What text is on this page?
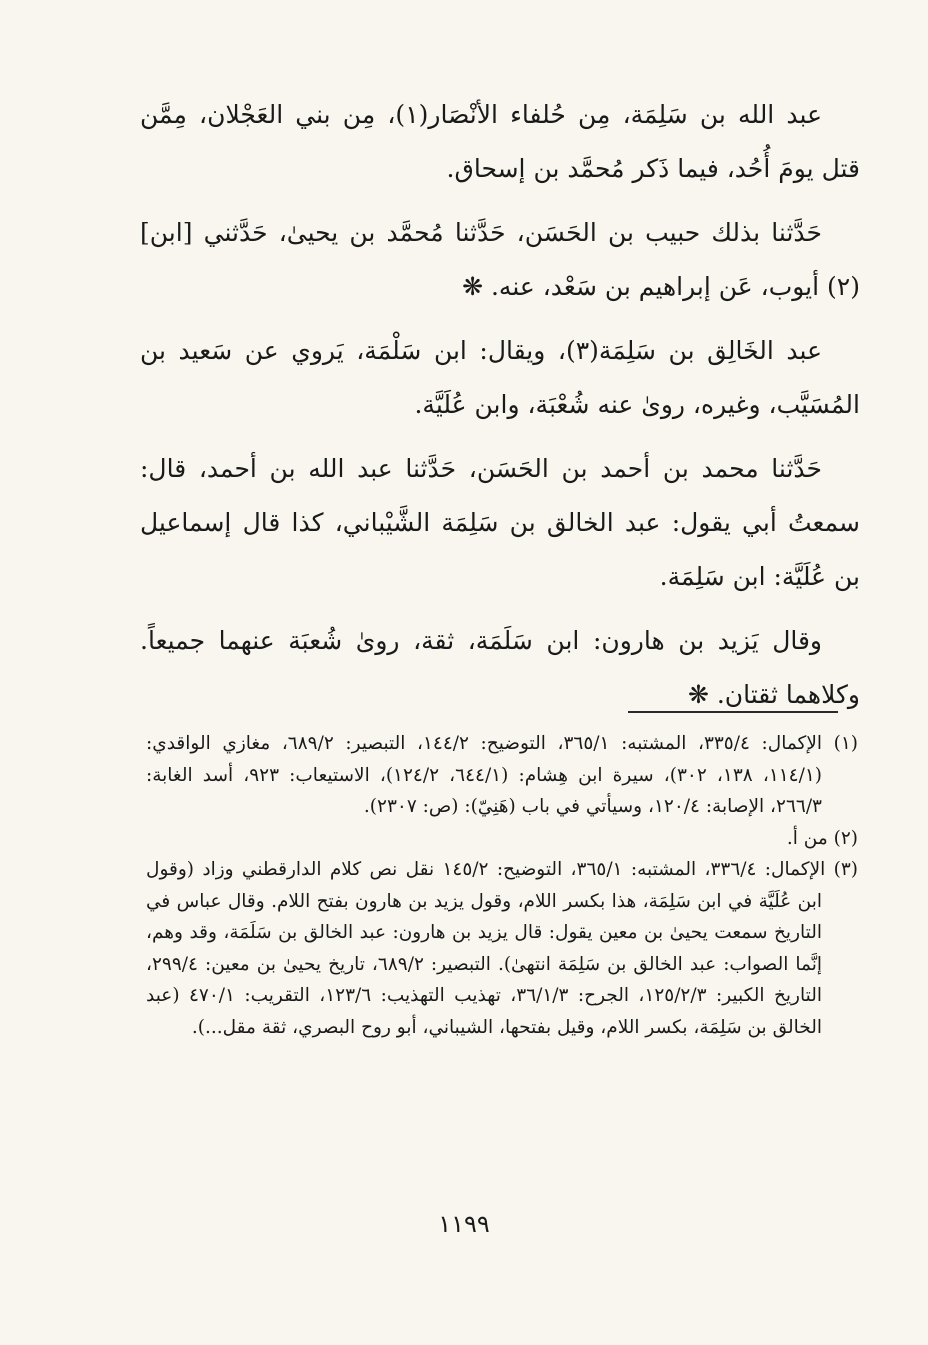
عبد الله بن سَلِمَة، مِن حُلفاء الأنْصَار(١)، مِن بني العَجْلان، مِمَّن قتل يومَ أُحُد، فيما ذَكر مُحمَّد بن إسحاق.

حَدَّثنا بذلك حبيب بن الحَسَن، حَدَّثنا مُحمَّد بن يحيىٰ، حَدَّثني [ابن](٢) أيوب، عَن إبراهيم بن سَعْد، عنه. ❋

عبد الخَالِق بن سَلِمَة(٣)، ويقال: ابن سَلْمَة، يَروي عن سَعيد بن المُسَيَّب، وغيره، روىٰ عنه شُعْبَة، وابن عُلَيَّة.

حَدَّثنا محمد بن أحمد بن الحَسَن، حَدَّثنا عبد الله بن أحمد، قال: سمعتُ أبي يقول: عبد الخالق بن سَلِمَة الشَّيْباني، كذا قال إسماعيل بن عُلَيَّة: ابن سَلِمَة.

وقال يَزيد بن هارون: ابن سَلَمَة، ثقة، روىٰ شُعبَة عنهما جميعاً. وكلاهما ثقتان. ❋

(١) الإكمال: ٣٣٥/٤، المشتبه: ٣٦٥/١، التوضيح: ١٤٤/٢، التبصير: ٦٨٩/٢، مغازي الواقدي: (١١٤/١، ١٣٨، ٣٠٢)، سيرة ابن هِشام: (٦٤٤/١، ١٢٤/٢)، الاستيعاب: ٩٢٣، أسد الغابة: ٢٦٦/٣، الإصابة: ١٢٠/٤، وسيأتي في باب (هَنِيّ): (ص: ٢٣٠٧).

(٢) من أ.

(٣) الإكمال: ٣٣٦/٤، المشتبه: ٣٦٥/١، التوضيح: ١٤٥/٢ نقل نص كلام الدارقطني وزاد (وقول ابن عُلَيَّة في ابن سَلِمَة، هذا بكسر اللام، وقول يزيد بن هارون بفتح اللام. وقال عباس في التاريخ سمعت يحيىٰ بن معين يقول: قال يزيد بن هارون: عبد الخالق بن سَلَمَة، وقد وهم، إنَّما الصواب: عبد الخالق بن سَلِمَة انتهىٰ). التبصير: ٦٨٩/٢، تاريخ يحيىٰ بن معين: ٢٩٩/٤، التاريخ الكبير: ١٢٥/٢/٣، الجرح: ٣٦/١/٣، تهذيب التهذيب: ١٢٣/٦، التقريب: ٤٧٠/١ (عبد الخالق بن سَلِمَة، بكسر اللام، وقيل بفتحها، الشيباني، أبو روح البصري، ثقة مقل...).

١١٩٩
